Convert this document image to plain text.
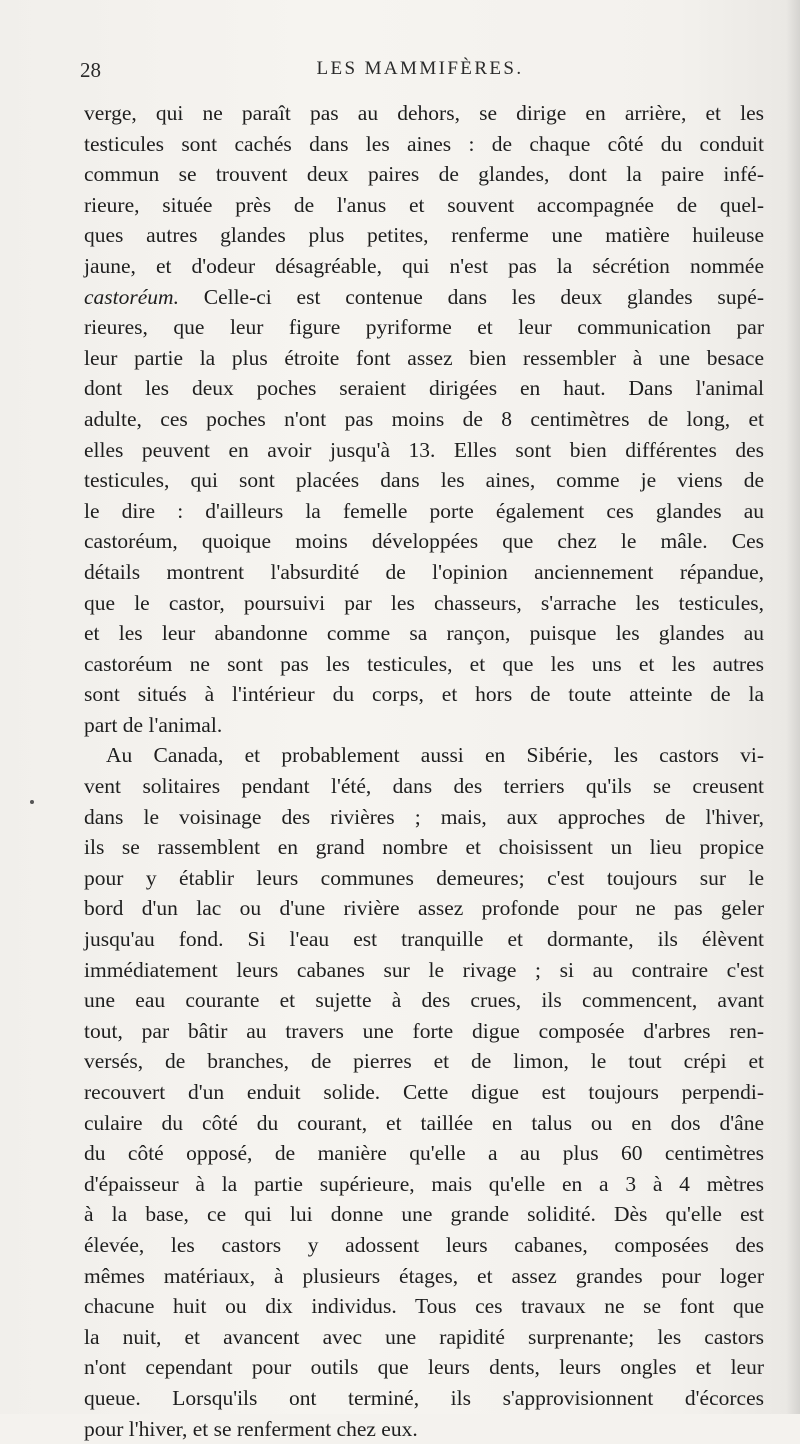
28	LES MAMMIFÈRES.
verge, qui ne paraît pas au dehors, se dirige en arrière, et les
testicules sont cachés dans les aines : de chaque côté du conduit
commun se trouvent deux paires de glandes, dont la paire infé-
rieure, située près de l'anus et souvent accompagnée de quel-
ques autres glandes plus petites, renferme une matière huileuse
jaune, et d'odeur désagréable, qui n'est pas la sécrétion nommée
castoréum. Celle-ci est contenue dans les deux glandes supé-
rieures, que leur figure pyriforme et leur communication par
leur partie la plus étroite font assez bien ressembler à une besace
dont les deux poches seraient dirigées en haut. Dans l'animal
adulte, ces poches n'ont pas moins de 8 centimètres de long, et
elles peuvent en avoir jusqu'à 13. Elles sont bien différentes des
testicules, qui sont placées dans les aines, comme je viens de
le dire : d'ailleurs la femelle porte également ces glandes au
castoréum, quoique moins développées que chez le mâle. Ces
détails montrent l'absurdité de l'opinion anciennement répandue,
que le castor, poursuivi par les chasseurs, s'arrache les testicules,
et les leur abandonne comme sa rançon, puisque les glandes au
castoréum ne sont pas les testicules, et que les uns et les autres
sont situés à l'intérieur du corps, et hors de toute atteinte de la
part de l'animal.
Au Canada, et probablement aussi en Sibérie, les castors vi-
vent solitaires pendant l'été, dans des terriers qu'ils se creusent
dans le voisinage des rivières ; mais, aux approches de l'hiver,
ils se rassemblent en grand nombre et choisissent un lieu propice
pour y établir leurs communes demeures; c'est toujours sur le
bord d'un lac ou d'une rivière assez profonde pour ne pas geler
jusqu'au fond. Si l'eau est tranquille et dormante, ils élèvent
immédiatement leurs cabanes sur le rivage ; si au contraire c'est
une eau courante et sujette à des crues, ils commencent, avant
tout, par bâtir au travers une forte digue composée d'arbres ren-
versés, de branches, de pierres et de limon, le tout crépi et
recouvert d'un enduit solide. Cette digue est toujours perpendi-
culaire du côté du courant, et taillée en talus ou en dos d'âne
du côté opposé, de manière qu'elle a au plus 60 centimètres
d'épaisseur à la partie supérieure, mais qu'elle en a 3 à 4 mètres
à la base, ce qui lui donne une grande solidité. Dès qu'elle est
élevée, les castors y adossent leurs cabanes, composées des
mêmes matériaux, à plusieurs étages, et assez grandes pour loger
chacune huit ou dix individus. Tous ces travaux ne se font que
la nuit, et avancent avec une rapidité surprenante; les castors
n'ont cependant pour outils que leurs dents, leurs ongles et leur
queue. Lorsqu'ils ont terminé, ils s'approvisionnent d'écorces
pour l'hiver, et se renferment chez eux.
